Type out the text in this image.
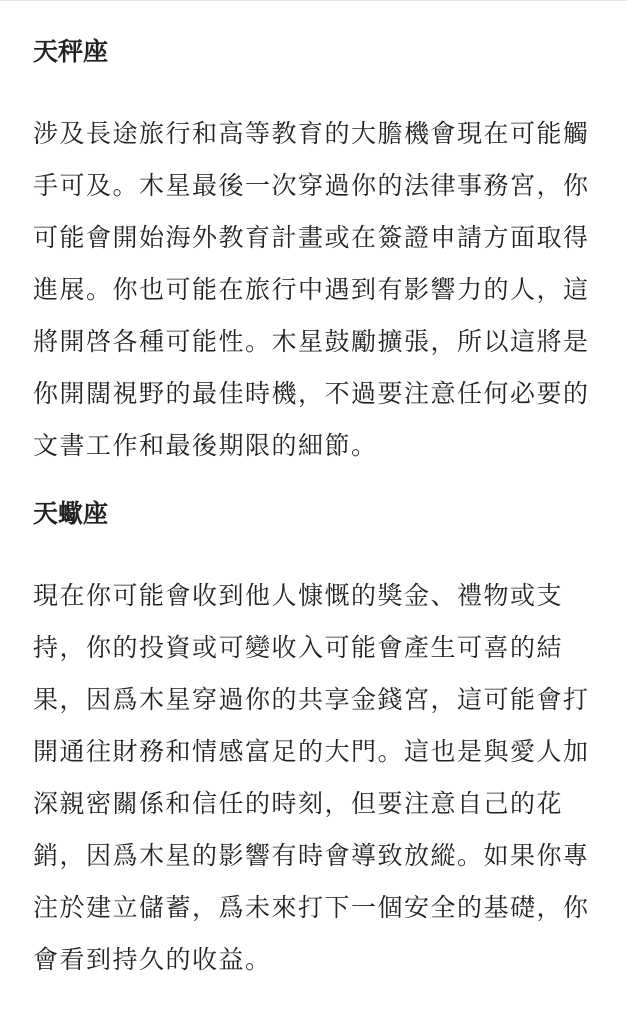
天秤座

涉及長途旅行和高等教育的大膽機會現在可能觸手可及。木星最後一次穿過你的法律事務宮，你可能會開始海外教育計畫或在簽證申請方面取得進展。你也可能在旅行中遇到有影響力的人，這將開啓各種可能性。木星鼓勵擴張，所以這將是你開闊視野的最佳時機，不過要注意任何必要的文書工作和最後期限的細節。

天蠍座

現在你可能會收到他人慷慨的獎金、禮物或支持，你的投資或可變收入可能會產生可喜的結果，因爲木星穿過你的共享金錢宮，這可能會打開通往財務和情感富足的大門。這也是與愛人加深親密關係和信任的時刻，但要注意自己的花銷，因爲木星的影響有時會導致放縱。如果你專注於建立儲蓄，爲未來打下一個安全的基礎，你會看到持久的收益。
